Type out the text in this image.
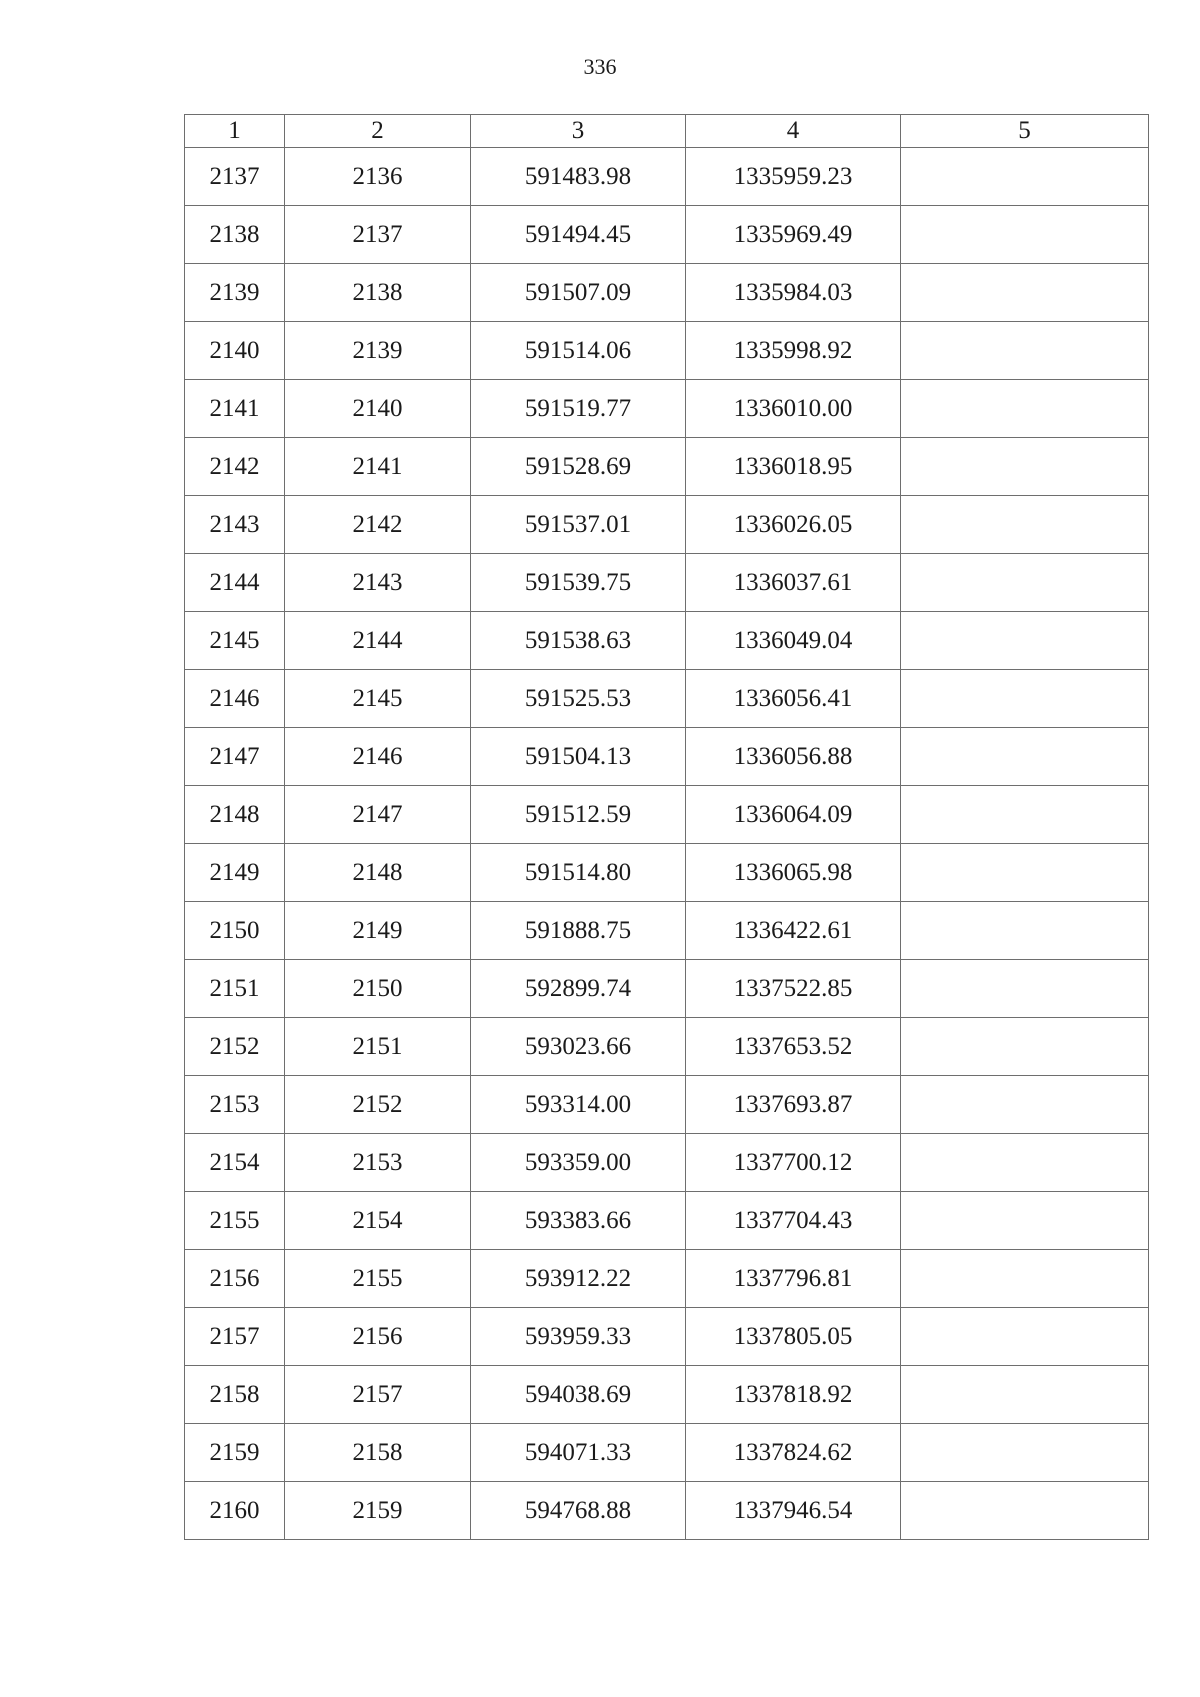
336
1	2	3	4	5
2137	2136	591483.98	1335959.23	
2138	2137	591494.45	1335969.49	
2139	2138	591507.09	1335984.03	
2140	2139	591514.06	1335998.92	
2141	2140	591519.77	1336010.00	
2142	2141	591528.69	1336018.95	
2143	2142	591537.01	1336026.05	
2144	2143	591539.75	1336037.61	
2145	2144	591538.63	1336049.04	
2146	2145	591525.53	1336056.41	
2147	2146	591504.13	1336056.88	
2148	2147	591512.59	1336064.09	
2149	2148	591514.80	1336065.98	
2150	2149	591888.75	1336422.61	
2151	2150	592899.74	1337522.85	
2152	2151	593023.66	1337653.52	
2153	2152	593314.00	1337693.87	
2154	2153	593359.00	1337700.12	
2155	2154	593383.66	1337704.43	
2156	2155	593912.22	1337796.81	
2157	2156	593959.33	1337805.05	
2158	2157	594038.69	1337818.92	
2159	2158	594071.33	1337824.62	
2160	2159	594768.88	1337946.54	
